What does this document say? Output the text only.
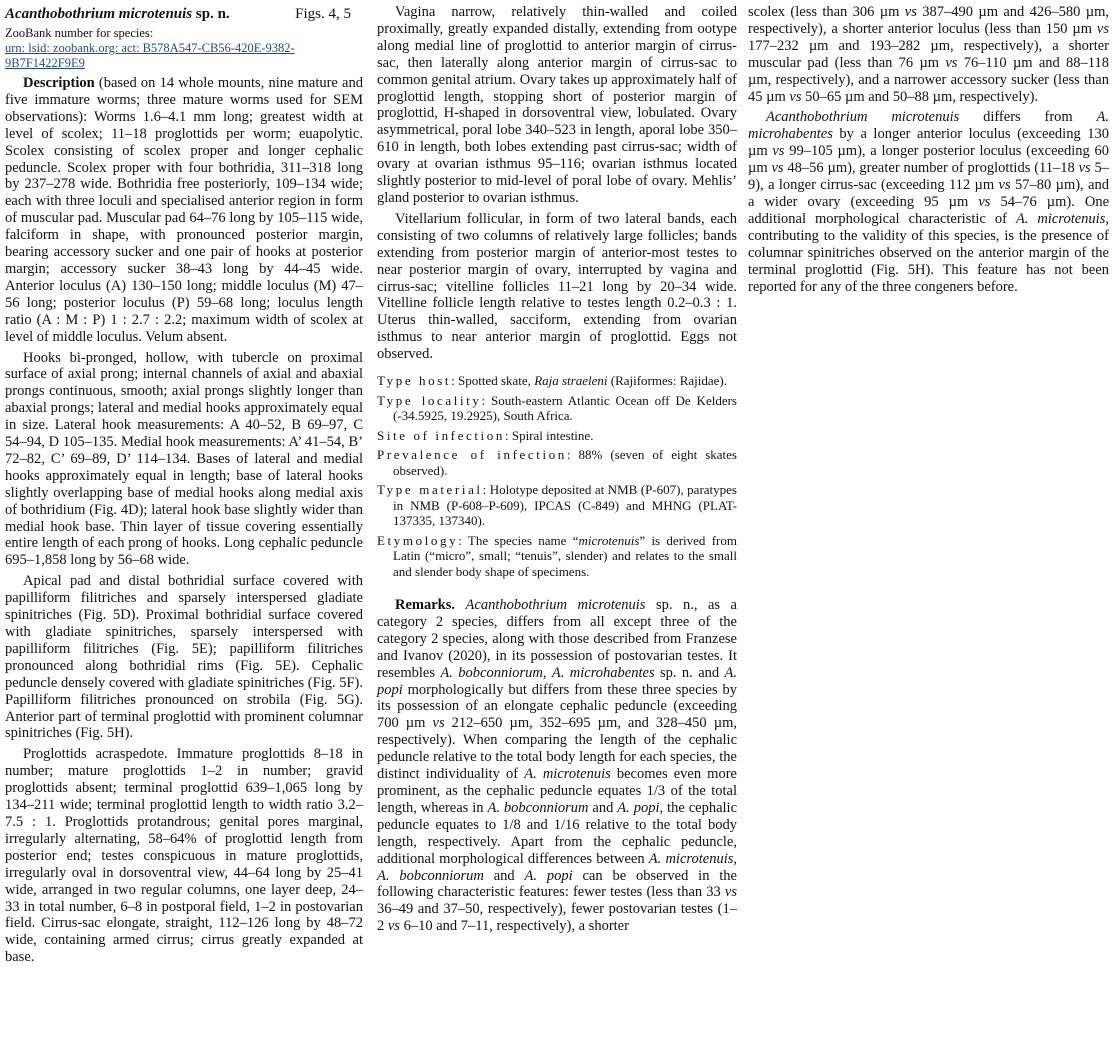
Acanthobothrium microtenuis sp. n.	Figs. 4, 5
ZooBank number for species:
urn: lsid: zoobank.org: act: B578A547-CB56-420E-9382-9B7F1422F9E9

Description (based on 14 whole mounts, nine mature and five immature worms; three mature worms used for SEM observations): Worms 1.6–4.1 mm long; greatest width at level of scolex; 11–18 proglottids per worm; euapolytic. Scolex consisting of scolex proper and longer cephalic peduncle. Scolex proper with four bothridia, 311–318 long by 237–278 wide. Bothridia free posteriorly, 109–134 wide; each with three loculi and specialised anterior region in form of muscular pad. Muscular pad 64–76 long by 105–115 wide, falciform in shape, with pronounced posterior margin, bearing accessory sucker and one pair of hooks at posterior margin; accessory sucker 38–43 long by 44–45 wide. Anterior loculus (A) 130–150 long; middle loculus (M) 47–56 long; posterior loculus (P) 59–68 long; loculus length ratio (A : M : P) 1 : 2.7 : 2.2; maximum width of scolex at level of middle loculus. Velum absent.

Hooks bi-pronged, hollow, with tubercle on proximal surface of axial prong; internal channels of axial and abaxial prongs continuous, smooth; axial prongs slightly longer than abaxial prongs; lateral and medial hooks approximately equal in size. Lateral hook measurements: A 40–52, B 69–97, C 54–94, D 105–135. Medial hook measurements: A’ 41–54, B’ 72–82, C’ 69–89, D’ 114–134. Bases of lateral and medial hooks approximately equal in length; base of lateral hooks slightly overlapping base of medial hooks along medial axis of bothridium (Fig. 4D); lateral hook base slightly wider than medial hook base. Thin layer of tissue covering essentially entire length of each prong of hooks. Long cephalic peduncle 695–1,858 long by 56–68 wide.

Apical pad and distal bothridial surface covered with papilliform filitriches and sparsely interspersed gladiate spinitriches (Fig. 5D). Proximal bothridial surface covered with gladiate spinitriches, sparsely interspersed with papilliform filitriches (Fig. 5E); papilliform filitriches pronounced along bothridial rims (Fig. 5E). Cephalic peduncle densely covered with gladiate spinitriches (Fig. 5F). Papilliform filitriches pronounced on strobila (Fig. 5G). Anterior part of terminal proglottid with prominent columnar spinitriches (Fig. 5H).

Proglottids acraspedote. Immature proglottids 8–18 in number; mature proglottids 1–2 in number; gravid proglottids absent; terminal proglottid 639–1,065 long by 134–211 wide; terminal proglottid length to width ratio 3.2–7.5 : 1. Proglottids protandrous; genital pores marginal, irregularly alternating, 58–64% of proglottid length from posterior end; testes conspicuous in mature proglottids, irregularly oval in dorsoventral view, 44–64 long by 25–41 wide, arranged in two regular columns, one layer deep, 24–33 in total number, 6–8 in postporal field, 1–2 in postovarian field. Cirrus-sac elongate, straight, 112–126 long by 48–72 wide, containing armed cirrus; cirrus greatly expanded at base.

Vagina narrow, relatively thin-walled and coiled proximally, greatly expanded distally, extending from ootype along medial line of proglottid to anterior margin of cirrus-sac, then laterally along anterior margin of cirrus-sac to common genital atrium. Ovary takes up approximately half of proglottid length, stopping short of posterior margin of proglottid, H-shaped in dorsoventral view, lobulated. Ovary asymmetrical, poral lobe 340–523 in length, aporal lobe 350–610 in length, both lobes extending past cirrus-sac; width of ovary at ovarian isthmus 95–116; ovarian isthmus located slightly posterior to mid-level of poral lobe of ovary. Mehlis’ gland posterior to ovarian isthmus.

Vitellarium follicular, in form of two lateral bands, each consisting of two columns of relatively large follicles; bands extending from posterior margin of anterior-most testes to near posterior margin of ovary, interrupted by vagina and cirrus-sac; vitelline follicles 11–21 long by 20–34 wide. Vitelline follicle length relative to testes length 0.2–0.3 : 1. Uterus thin-walled, sacciform, extending from ovarian isthmus to near anterior margin of proglottid. Eggs not observed.

Type host: Spotted skate, Raja straeleni (Rajiformes: Rajidae).
Type locality: South-eastern Atlantic Ocean off De Kelders (-34.5925, 19.2925), South Africa.
Site of infection: Spiral intestine.
Prevalence of infection: 88% (seven of eight skates observed).
Type material: Holotype deposited at NMB (P-607), paratypes in NMB (P-608–P-609), IPCAS (C-849) and MHNG (PLAT-137335, 137340).
Etymology: The species name “microtenuis” is derived from Latin (“micro”, small; “tenuis”, slender) and relates to the small and slender body shape of specimens.

Remarks. Acanthobothrium microtenuis sp. n., as a category 2 species, differs from all except three of the category 2 species, along with those described from Franzese and Ivanov (2020), in its possession of postovarian testes. It resembles A. bobconniorum, A. microhabentes sp. n. and A. popi morphologically but differs from these three species by its possession of an elongate cephalic peduncle (exceeding 700 µm vs 212–650 µm, 352–695 µm, and 328–450 µm, respectively). When comparing the length of the cephalic peduncle relative to the total body length for each species, the distinct individuality of A. microtenuis becomes even more prominent, as the cephalic peduncle equates 1/3 of the total length, whereas in A. bobconniorum and A. popi, the cephalic peduncle equates to 1/8 and 1/16 relative to the total body length, respectively. Apart from the cephalic peduncle, additional morphological differences between A. microtenuis, A. bobconniorum and A. popi can be observed in the following characteristic features: fewer testes (less than 33 vs 36–49 and 37–50, respectively), fewer postovarian testes (1–2 vs 6–10 and 7–11, respectively), a shorter

scolex (less than 306 µm vs 387–490 µm and 426–580 µm, respectively), a shorter anterior loculus (less than 150 µm vs 177–232 µm and 193–282 µm, respectively), a shorter muscular pad (less than 76 µm vs 76–110 µm and 88–118 µm, respectively), and a narrower accessory sucker (less than 45 µm vs 50–65 µm and 50–88 µm, respectively).

Acanthobothrium microtenuis differs from A. microhabentes by a longer anterior loculus (exceeding 130 µm vs 99–105 µm), a longer posterior loculus (exceeding 60 µm vs 48–56 µm), greater number of proglottids (11–18 vs 5–9), a longer cirrus-sac (exceeding 112 µm vs 57–80 µm), and a wider ovary (exceeding 95 µm vs 54–76 µm). One additional morphological characteristic of A. microtenuis, contributing to the validity of this species, is the presence of columnar spinitriches observed on the anterior margin of the terminal proglottid (Fig. 5H). This feature has not been reported for any of the three congeners before.
